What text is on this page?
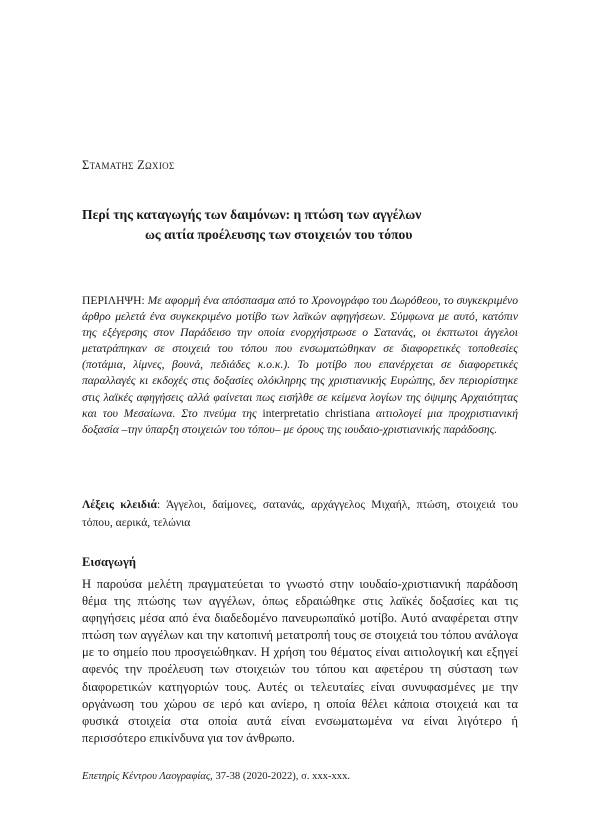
Σταματης Ζωχιος
Περί της καταγωγής των δαιμόνων: η πτώση των αγγέλων
ως αιτία προέλευσης των στοιχειών του τόπου
ΠΕΡΙΛΗΨΗ: Με αφορμή ένα απόσπασμα από το Χρονογράφο του Δωρόθεου, το συγκεκριμένο άρθρο μελετά ένα συγκεκριμένο μοτίβο των λαϊκών αφηγήσεων. Σύμφωνα με αυτό, κατόπιν της εξέγερσης στον Παράδεισο την οποία ενορχήστρωσε ο Σατανάς, οι έκπτωτοι άγγελοι μετατράπηκαν σε στοιχειά του τόπου που ενσωματώθηκαν σε διαφορετικές τοποθεσίες (ποτάμια, λίμνες, βουνά, πεδιάδες κ.ο.κ.). Το μοτίβο που επανέρχεται σε διαφορετικές παραλλαγές κι εκδοχές στις δοξασίες ολόκληρης της χριστιανικής Ευρώπης, δεν περιορίστηκε στις λαϊκές αφηγήσεις αλλά φαίνεται πως εισήλθε σε κείμενα λογίων της όψιμης Αρχαιότητας και του Μεσαίωνα. Στο πνεύμα της interpretatio christiana αιτιολογεί μια προχριστιανική δοξασία –την ύπαρξη στοιχειών του τόπου– με όρους της ιουδαιο-χριστιανικής παράδοσης.
Λέξεις κλειδιά: Άγγελοι, δαίμονες, σατανάς, αρχάγγελος Μιχαήλ, πτώση, στοιχειά του τόπου, αερικά, τελώνια
Εισαγωγή
Η παρούσα μελέτη πραγματεύεται το γνωστό στην ιουδαίο-χριστιανική παράδοση θέμα της πτώσης των αγγέλων, όπως εδραιώθηκε στις λαϊκές δοξασίες και τις αφηγήσεις μέσα από ένα διαδεδομένο πανευρωπαϊκό μοτίβο. Αυτό αναφέρεται στην πτώση των αγγέλων και την κατοπινή μετατροπή τους σε στοιχειά του τόπου ανάλογα με το σημείο που προσγειώθηκαν. Η χρήση του θέματος είναι αιτιολογική και εξηγεί αφενός την προέλευση των στοιχειών του τόπου και αφετέρου τη σύσταση των διαφορετικών κατηγοριών τους. Αυτές οι τελευταίες είναι συνυφασμένες με την οργάνωση του χώρου σε ιερό και ανίερο, η οποία θέλει κάποια στοιχειά και τα φυσικά στοιχεία στα οποία αυτά είναι ενσωματωμένα να είναι λιγότερο ή περισσότερο επικίνδυνα για τον άνθρωπο.
Επετηρίς Κέντρου Λαογραφίας, 37-38 (2020-2022), σ. xxx-xxx.
